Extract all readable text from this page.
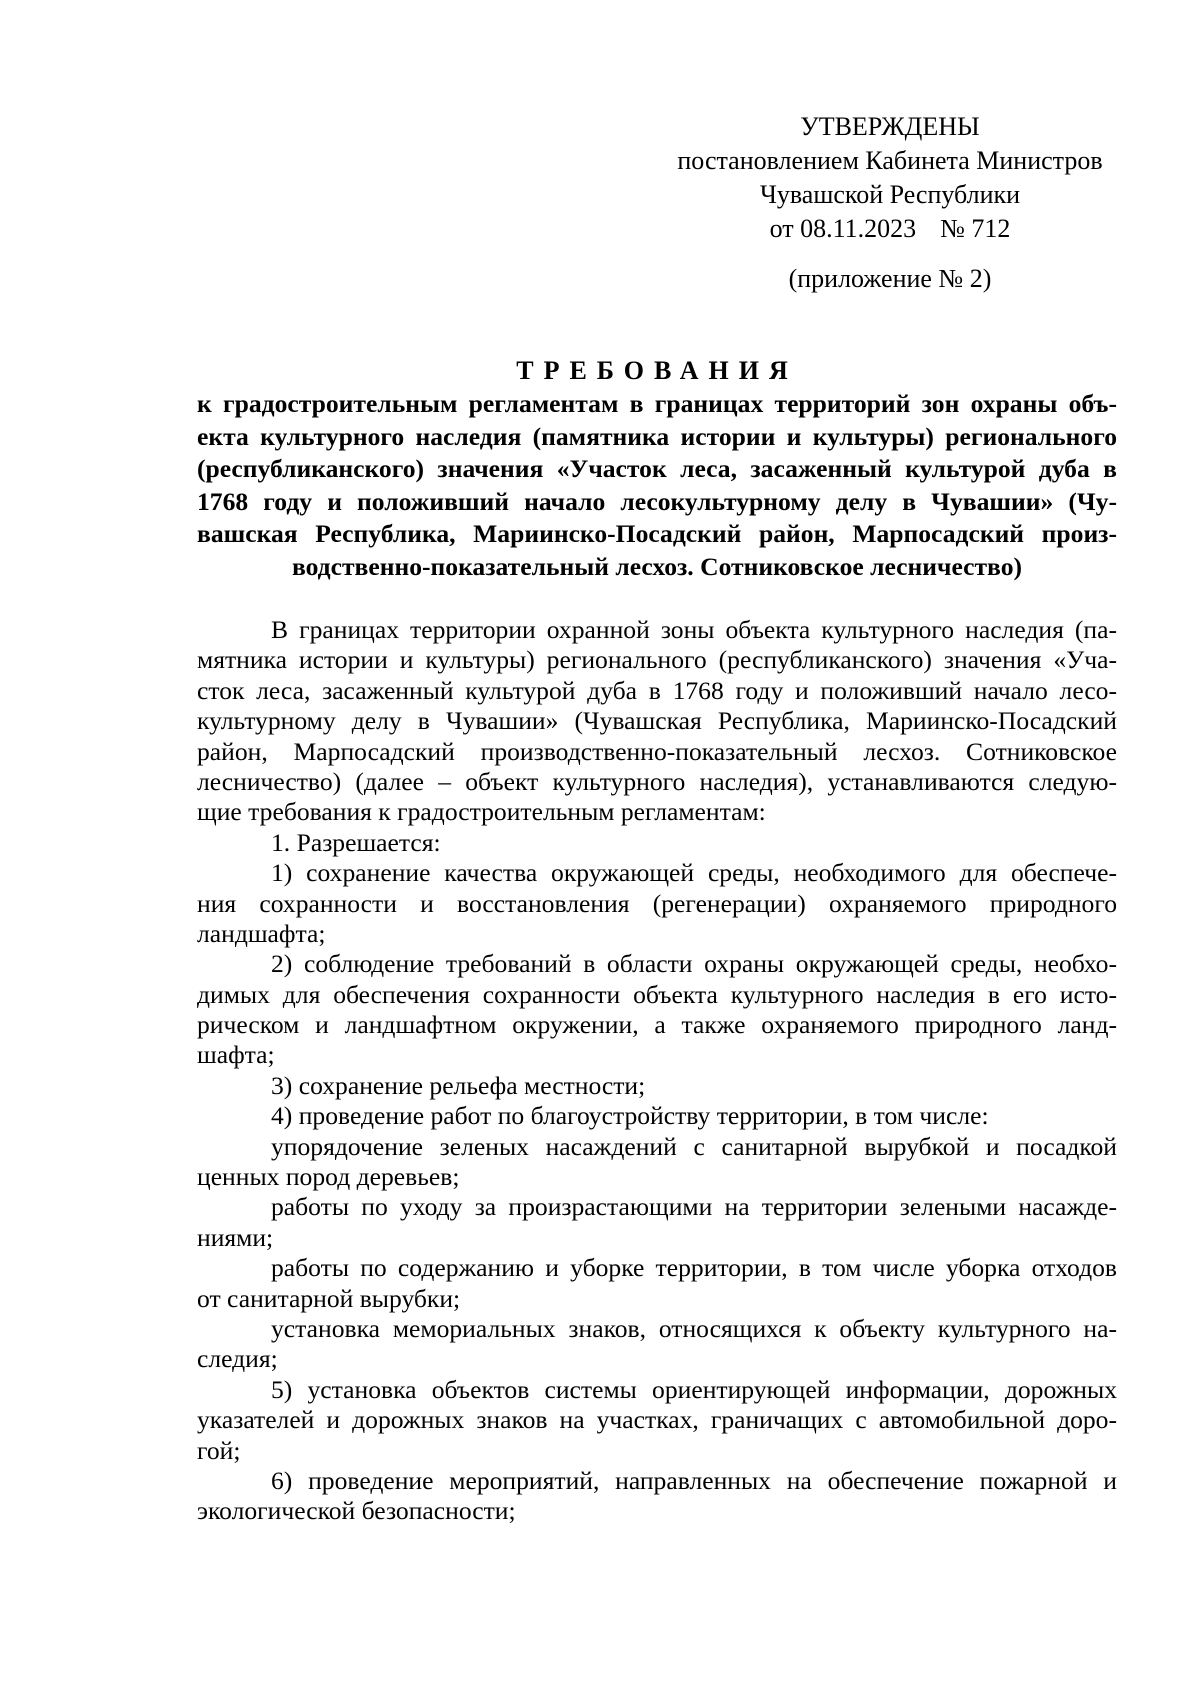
УТВЕРЖДЕНЫ
постановлением Кабинета Министров
Чувашской Республики
от 08.11.2023 № 712
(приложение № 2)
ТРЕБОВАНИЯ
к градостроительным регламентам в границах территорий зон охраны объ-
екта культурного наследия (памятника истории и культуры) регионального
(республиканского) значения «Участок леса, засаженный культурой дуба в
1768 году и положивший начало лесокультурному делу в Чувашии» (Чу-
вашская Республика, Мариинско-Посадский район, Марпосадский произ-
водственно-показательный лесхоз. Сотниковское лесничество)
В границах территории охранной зоны объекта культурного наследия (па-
мятника истории и культуры) регионального (республиканского) значения «Уча-
сток леса, засаженный культурой дуба в 1768 году и положивший начало лесо-
культурному делу в Чувашии» (Чувашская Республика, Мариинско-Посадский
район, Марпосадский производственно-показательный лесхоз. Сотниковское
лесничество) (далее – объект культурного наследия), устанавливаются следую-
щие требования к градостроительным регламентам:
1. Разрешается:
1) сохранение качества окружающей среды, необходимого для обеспече-
ния сохранности и восстановления (регенерации) охраняемого природного
ландшафта;
2) соблюдение требований в области охраны окружающей среды, необхо-
димых для обеспечения сохранности объекта культурного наследия в его исто-
рическом и ландшафтном окружении, а также охраняемого природного ланд-
шафта;
3) сохранение рельефа местности;
4) проведение работ по благоустройству территории, в том числе:
упорядочение зеленых насаждений с санитарной вырубкой и посадкой
ценных пород деревьев;
работы по уходу за произрастающими на территории зелеными насажде-
ниями;
работы по содержанию и уборке территории, в том числе уборка отходов
от санитарной вырубки;
установка мемориальных знаков, относящихся к объекту культурного на-
следия;
5) установка объектов системы ориентирующей информации, дорожных
указателей и дорожных знаков на участках, граничащих с автомобильной доро-
гой;
6) проведение мероприятий, направленных на обеспечение пожарной и
экологической безопасности;
